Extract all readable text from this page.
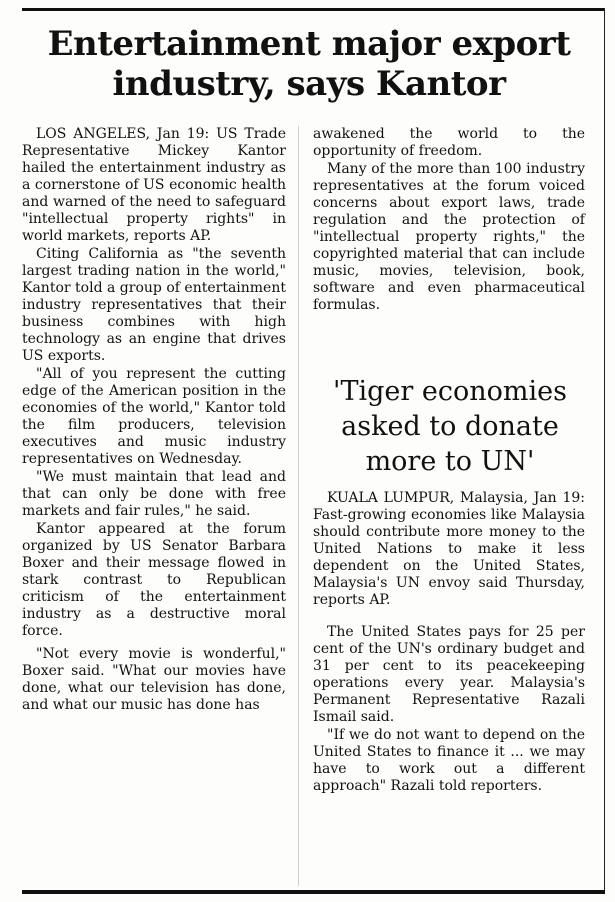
Entertainment major export
industry, says Kantor

LOS ANGELES, Jan 19: US Trade Representative Mickey Kantor hailed the entertainment industry as a cornerstone of US economic health and warned of the need to safeguard "intellectual property rights" in world markets, reports AP.

Citing California as "the seventh largest trading nation in the world," Kantor told a group of entertainment industry representatives that their business combines with high technology as an engine that drives US exports.

"All of you represent the cutting edge of the American position in the economies of the world," Kantor told the film producers, television executives and music industry representatives on Wednesday.

"We must maintain that lead and that can only be done with free markets and fair rules," he said.

Kantor appeared at the forum organized by US Senator Barbara Boxer and their message flowed in stark contrast to Republican criticism of the entertainment industry as a destructive moral force.

"Not every movie is wonderful," Boxer said. "What our movies have done, what our television has done, and what our music has done has

awakened the world to the opportunity of freedom.

Many of the more than 100 industry representatives at the forum voiced concerns about export laws, trade regulation and the protection of "intellectual property rights," the copyrighted material that can include music, movies, television, book, software and even pharmaceutical formulas.

'Tiger economies
asked to donate
more to UN'

KUALA LUMPUR, Malaysia, Jan 19: Fast-growing economies like Malaysia should contribute more money to the United Nations to make it less dependent on the United States, Malaysia's UN envoy said Thursday, reports AP.

The United States pays for 25 per cent of the UN's ordinary budget and 31 per cent to its peacekeeping operations every year. Malaysia's Permanent Representative Razali Ismail said.

"If we do not want to depend on the United States to finance it ... we may have to work out a different approach" Razali told reporters.
